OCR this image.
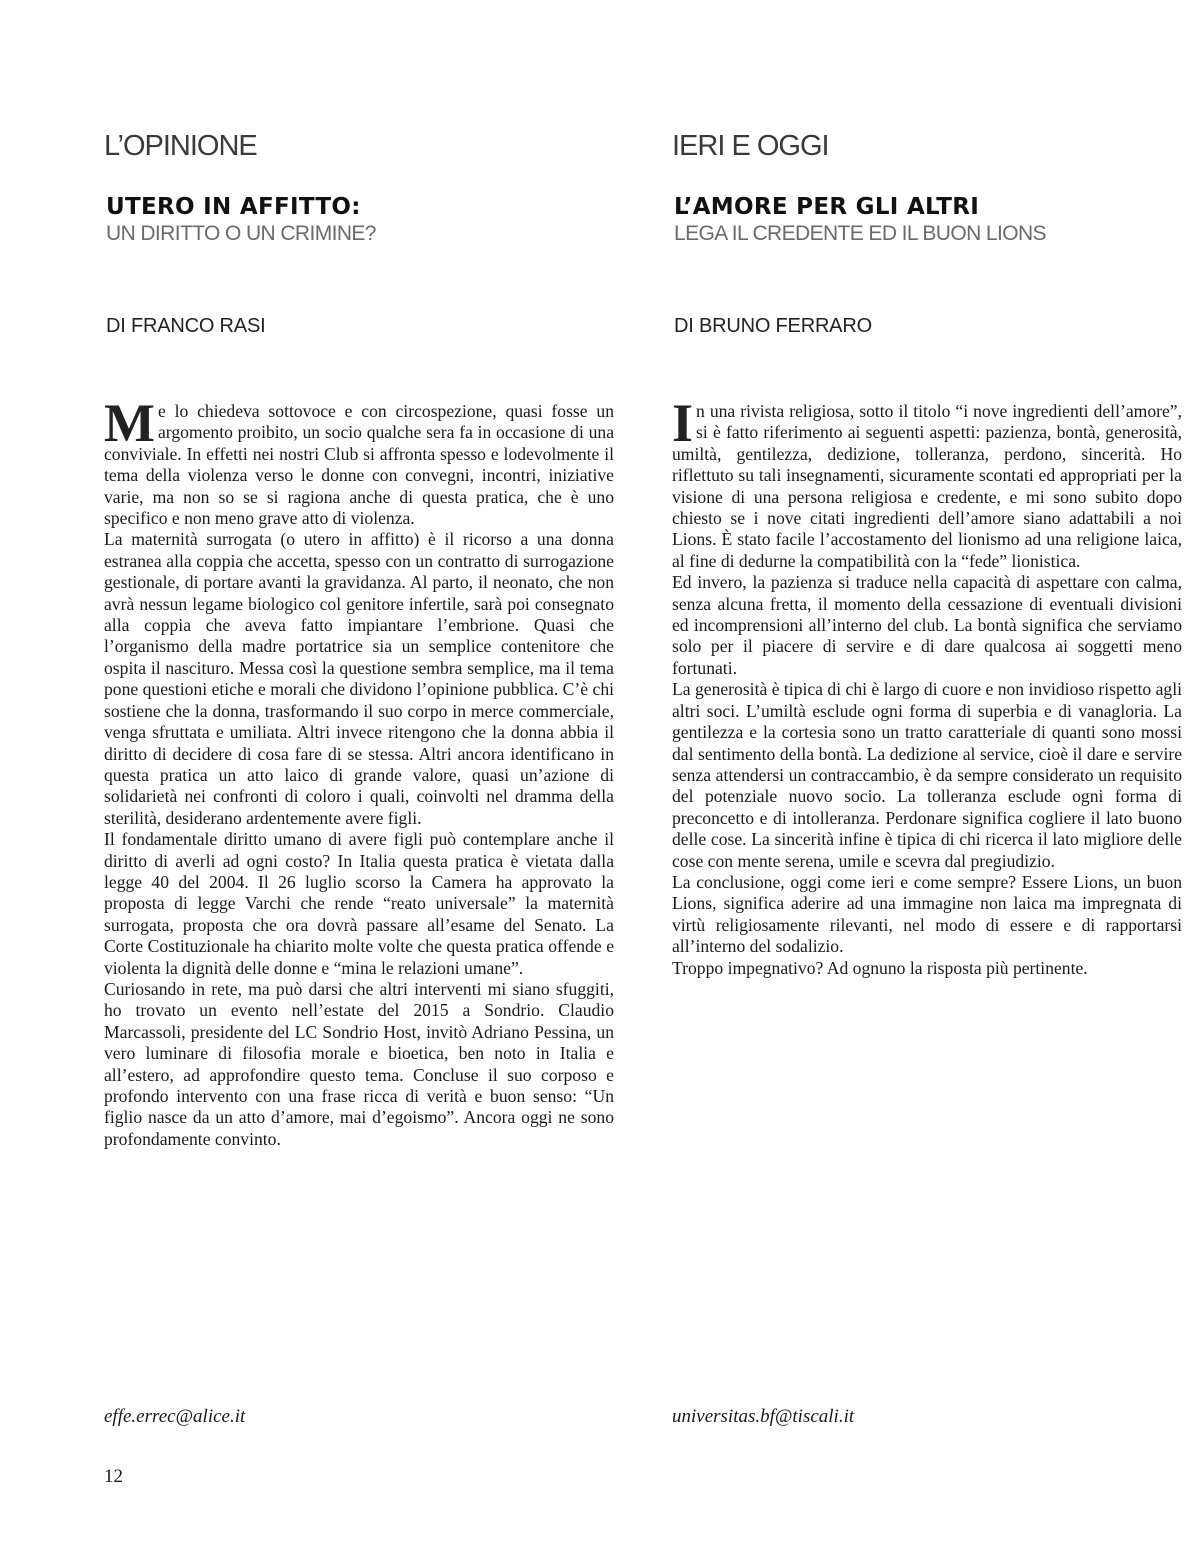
L’OPINIONE
UTERO IN AFFITTO:
UN DIRITTO O UN CRIMINE?
DI FRANCO RASI

Me lo chiedeva sottovoce e con circospezione, quasi fosse un argomento proibito, un socio qualche sera fa in occasione di una conviviale. In effetti nei nostri Club si affronta spesso e lodevolmente il tema della violenza verso le donne con convegni, incontri, iniziative varie, ma non so se si ragiona anche di questa pratica, che è uno specifico e non meno grave atto di violenza.

La maternità surrogata (o utero in affitto) è il ricorso a una donna estranea alla coppia che accetta, spesso con un contratto di surrogazione gestionale, di portare avanti la gravidanza. Al parto, il neonato, che non avrà nessun legame biologico col genitore infertile, sarà poi consegnato alla coppia che aveva fatto impiantare l’embrione. Quasi che l’organismo della madre portatrice sia un semplice contenitore che ospita il nascituro. Messa così la questione sembra semplice, ma il tema pone questioni etiche e morali che dividono l’opinione pubblica. C’è chi sostiene che la donna, trasformando il suo corpo in merce commerciale, venga sfruttata e umiliata. Altri invece ritengono che la donna abbia il diritto di decidere di cosa fare di se stessa. Altri ancora identificano in questa pratica un atto laico di grande valore, quasi un’azione di solidarietà nei confronti di coloro i quali, coinvolti nel dramma della sterilità, desiderano ardentemente avere figli.

Il fondamentale diritto umano di avere figli può contemplare anche il diritto di averli ad ogni costo? In Italia questa pratica è vietata dalla legge 40 del 2004. Il 26 luglio scorso la Camera ha approvato la proposta di legge Varchi che rende “reato universale” la maternità surrogata, proposta che ora dovrà passare all’esame del Senato. La Corte Costituzionale ha chiarito molte volte che questa pratica offende e violenta la dignità delle donne e “mina le relazioni umane”.

Curiosando in rete, ma può darsi che altri interventi mi siano sfuggiti, ho trovato un evento nell’estate del 2015 a Sondrio. Claudio Marcassoli, presidente del LC Sondrio Host, invitò Adriano Pessina, un vero luminare di filosofia morale e bioetica, ben noto in Italia e all’estero, ad approfondire questo tema. Concluse il suo corposo e profondo intervento con una frase ricca di verità e buon senso: “Un figlio nasce da un atto d’amore, mai d’egoismo”. Ancora oggi ne sono profondamente convinto.

effe.errec@alice.it
IERI E OGGI
L’AMORE PER GLI ALTRI
LEGA IL CREDENTE ED IL BUON LIONS
DI BRUNO FERRARO

In una rivista religiosa, sotto il titolo “i nove ingredienti dell’amore”, si è fatto riferimento ai seguenti aspetti: pazienza, bontà, generosità, umiltà, gentilezza, dedizione, tolleranza, perdono, sincerità. Ho riflettuto su tali insegnamenti, sicuramente scontati ed appropriati per la visione di una persona religiosa e credente, e mi sono subito dopo chiesto se i nove citati ingredienti dell’amore siano adattabili a noi Lions. È stato facile l’accostamento del lionismo ad una religione laica, al fine di dedurne la compatibilità con la “fede” lionistica.

Ed invero, la pazienza si traduce nella capacità di aspettare con calma, senza alcuna fretta, il momento della cessazione di eventuali divisioni ed incomprensioni all’interno del club. La bontà significa che serviamo solo per il piacere di servire e di dare qualcosa ai soggetti meno fortunati.

La generosità è tipica di chi è largo di cuore e non invidioso rispetto agli altri soci. L’umiltà esclude ogni forma di superbia e di vanagloria. La gentilezza e la cortesia sono un tratto caratteriale di quanti sono mossi dal sentimento della bontà. La dedizione al service, cioè il dare e servire senza attendersi un contraccambio, è da sempre considerato un requisito del potenziale nuovo socio. La tolleranza esclude ogni forma di preconcetto e di intolleranza. Perdonare significa cogliere il lato buono delle cose. La sincerità infine è tipica di chi ricerca il lato migliore delle cose con mente serena, umile e scevra dal pregiudizio.

La conclusione, oggi come ieri e come sempre? Essere Lions, un buon Lions, significa aderire ad una immagine non laica ma impregnata di virtù religiosamente rilevanti, nel modo di essere e di rapportarsi all’interno del sodalizio.

Troppo impegnativo? Ad ognuno la risposta più pertinente.

universitas.bf@tiscali.it
12
